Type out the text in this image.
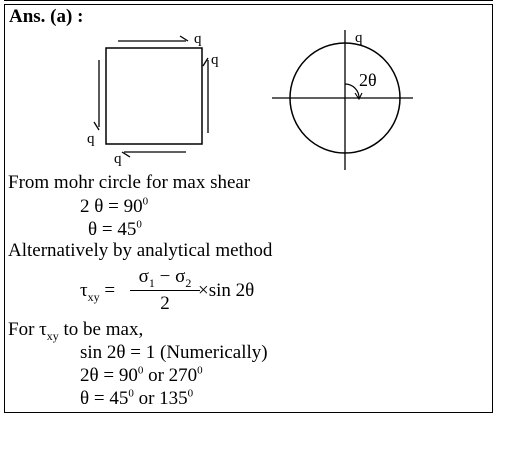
Ans. (a) :
q
q
q
q
q
2θ
From mohr circle for max shear
2 $\theta = 90^0$
$\theta = 45^0$
Alternatively by analytical method
$\tau_{xy}$ =
$\sigma_1 - \sigma_2$
2
×sin 2θ
For $\tau_{xy}$ to be max,
sin 2θ = 1 (Numerically)
$2\theta = 90^0$ or $270^0$
$\theta = 45^0$ or $135^0$
